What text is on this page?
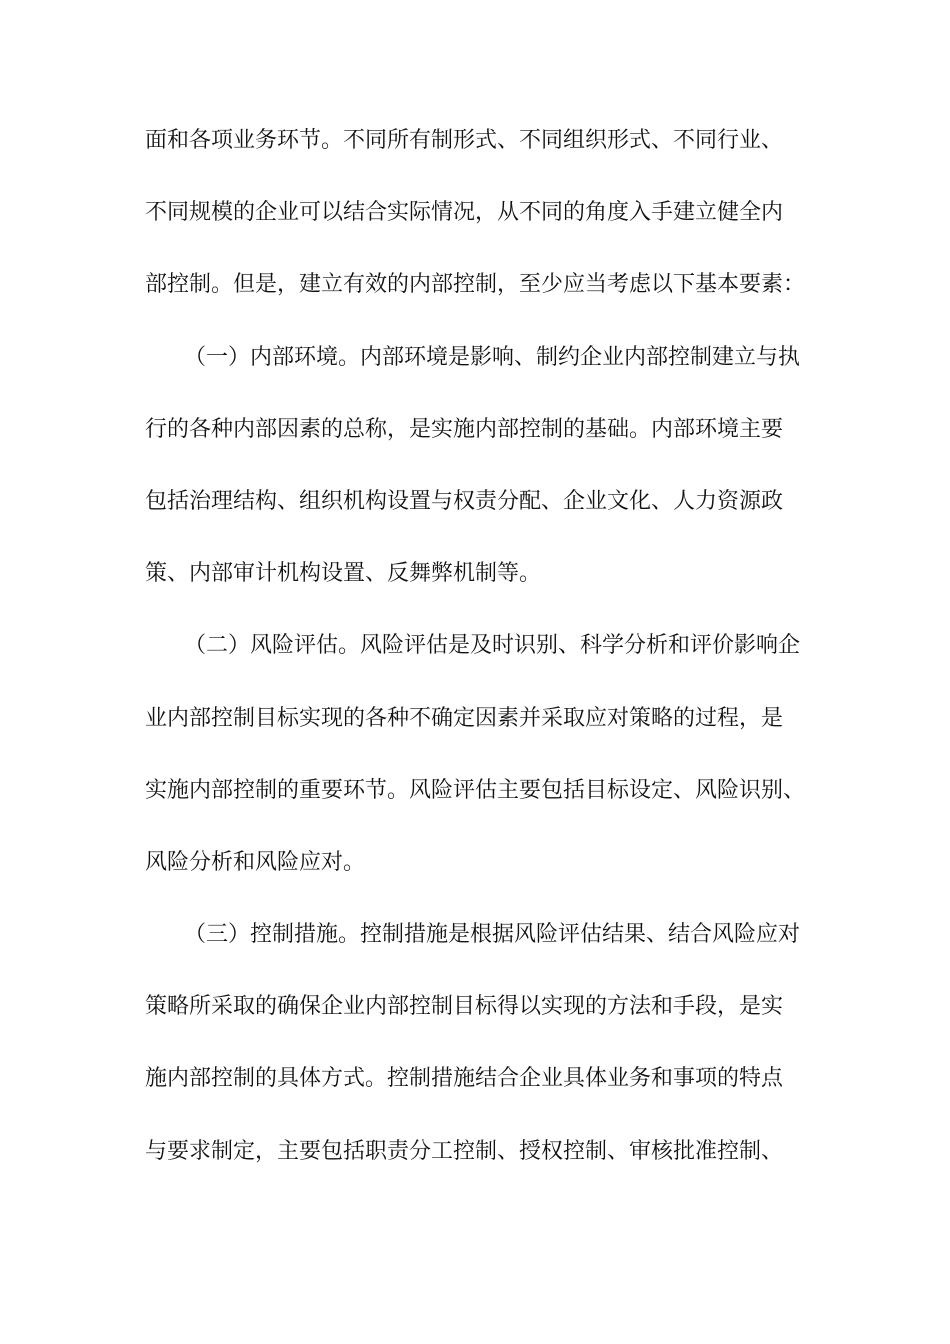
面和各项业务环节。不同所有制形式、不同组织形式、不同行业、
不同规模的企业可以结合实际情况，从不同的角度入手建立健全内
部控制。但是，建立有效的内部控制，至少应当考虑以下基本要素：
（一）内部环境。内部环境是影响、制约企业内部控制建立与执
行的各种内部因素的总称，是实施内部控制的基础。内部环境主要
包括治理结构、组织机构设置与权责分配、企业文化、人力资源政
策、内部审计机构设置、反舞弊机制等。
（二）风险评估。风险评估是及时识别、科学分析和评价影响企
业内部控制目标实现的各种不确定因素并采取应对策略的过程，是
实施内部控制的重要环节。风险评估主要包括目标设定、风险识别、
风险分析和风险应对。
（三）控制措施。控制措施是根据风险评估结果、结合风险应对
策略所采取的确保企业内部控制目标得以实现的方法和手段，是实
施内部控制的具体方式。控制措施结合企业具体业务和事项的特点
与要求制定，主要包括职责分工控制、授权控制、审核批准控制、
